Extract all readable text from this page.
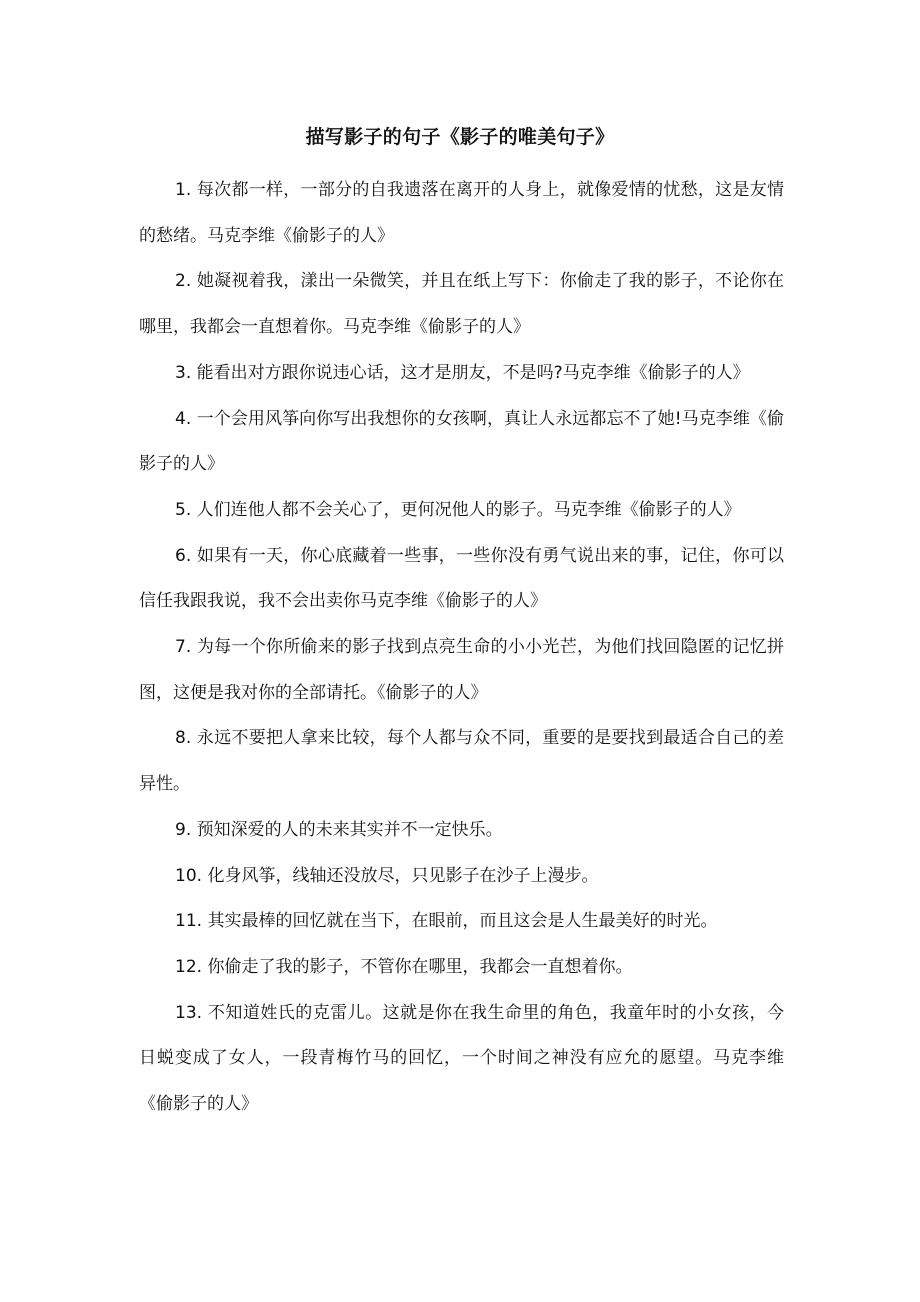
描写影子的句子《影子的唯美句子》

1. 每次都一样，一部分的自我遗落在离开的人身上，就像爱情的忧愁，这是友情的愁绪。马克李维《偷影子的人》

2. 她凝视着我，漾出一朵微笑，并且在纸上写下：你偷走了我的影子，不论你在哪里，我都会一直想着你。马克李维《偷影子的人》

3. 能看出对方跟你说违心话，这才是朋友，不是吗?马克李维《偷影子的人》

4. 一个会用风筝向你写出我想你的女孩啊，真让人永远都忘不了她!马克李维《偷影子的人》

5. 人们连他人都不会关心了，更何况他人的影子。马克李维《偷影子的人》

6. 如果有一天，你心底藏着一些事，一些你没有勇气说出来的事，记住，你可以信任我跟我说，我不会出卖你马克李维《偷影子的人》

7. 为每一个你所偷来的影子找到点亮生命的小小光芒，为他们找回隐匿的记忆拼图，这便是我对你的全部请托。《偷影子的人》

8. 永远不要把人拿来比较，每个人都与众不同，重要的是要找到最适合自己的差异性。

9. 预知深爱的人的未来其实并不一定快乐。

10. 化身风筝，线轴还没放尽，只见影子在沙子上漫步。

11. 其实最棒的回忆就在当下，在眼前，而且这会是人生最美好的时光。

12. 你偷走了我的影子，不管你在哪里，我都会一直想着你。

13. 不知道姓氏的克雷儿。这就是你在我生命里的角色，我童年时的小女孩，今日蜕变成了女人，一段青梅竹马的回忆，一个时间之神没有应允的愿望。马克李维《偷影子的人》
